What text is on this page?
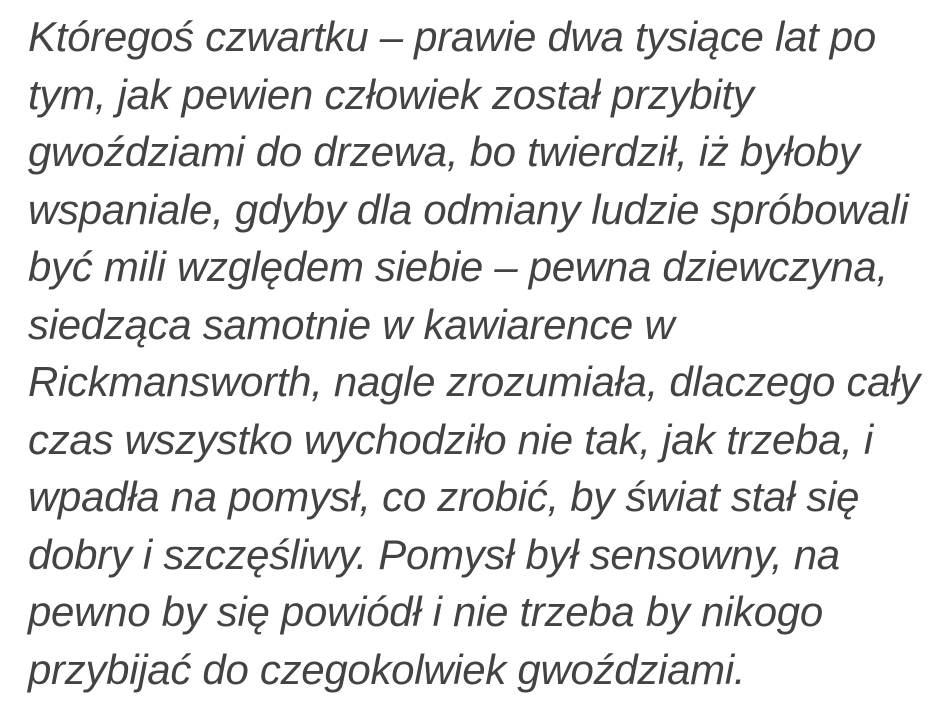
Któregoś czwartku – prawie dwa tysiące lat po
tym, jak pewien człowiek został przybity
gwoździami do drzewa, bo twierdził, iż byłoby
wspaniale, gdyby dla odmiany ludzie spróbowali
być mili względem siebie – pewna dziewczyna,
siedząca samotnie w kawiarence w
Rickmansworth, nagle zrozumiała, dlaczego cały
czas wszystko wychodziło nie tak, jak trzeba, i
wpadła na pomysł, co zrobić, by świat stał się
dobry i szczęśliwy. Pomysł był sensowny, na
pewno by się powiódł i nie trzeba by nikogo
przybijać do czegokolwiek gwoździami.
